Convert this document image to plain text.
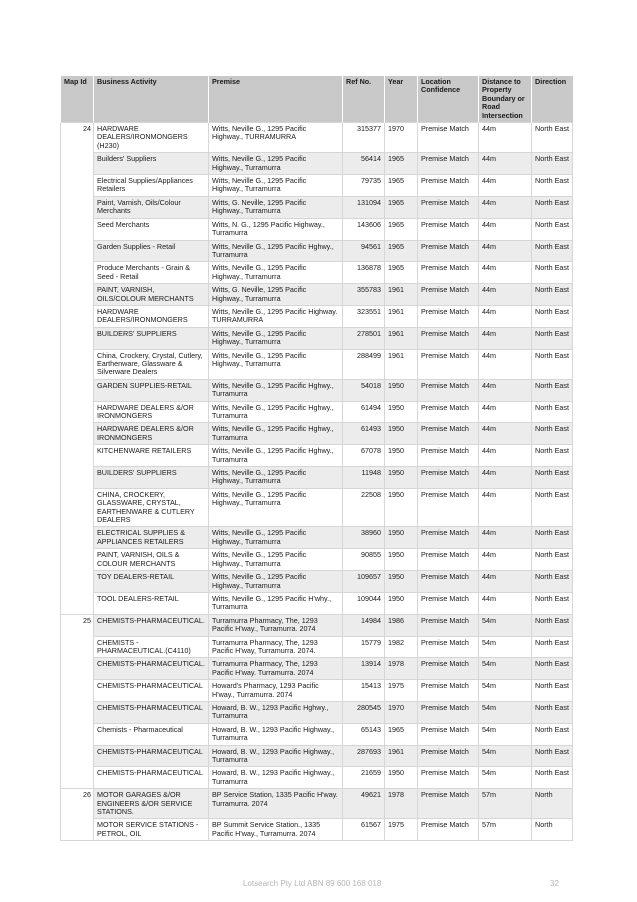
Map Id	Business Activity	Premise	Ref No.	Year	Location Confidence	Distance to Property Boundary or Road Intersection	Direction
24	HARDWARE DEALERS/IRONMONGERS (H230)	Witts, Neville G., 1295 Pacific Highway., TURRAMURRA	315377	1970	Premise Match	44m	North East
	Builders' Suppliers	Witts, Neville G., 1295 Pacific Highway., Turramurra	56414	1965	Premise Match	44m	North East
	Electrical Supplies/Appliances Retailers	Witts, Neville G., 1295 Pacific Highway., Turramurra	79735	1965	Premise Match	44m	North East
	Paint, Varnish, Oils/Colour Merchants	Witts, G. Neville, 1295 Pacific Highway., Turramurra	131094	1965	Premise Match	44m	North East
	Seed Merchants	Witts, N. G., 1295 Pacific Highway., Turramurra	143606	1965	Premise Match	44m	North East
	Garden Supplies - Retail	Witts, Neville G., 1295 Pacific Hghwy., Turramurra	94561	1965	Premise Match	44m	North East
	Produce Merchants - Grain & Seed - Retail	Witts, Neville G., 1295 Pacific Highway., Turramurra	136878	1965	Premise Match	44m	North East
	PAINT, VARNISH, OILS/COLOUR MERCHANTS	Witts, G. Neville, 1295 Pacific Highway., Turramurra	355783	1961	Premise Match	44m	North East
	HARDWARE DEALERS/IRONMONGERS	Witts, Neville G., 1295 Pacific Highway. TURRAMURRA	323551	1961	Premise Match	44m	North East
	BUILDERS' SUPPLIERS	Witts, Neville G., 1295 Pacific Highway., Turramurra	278501	1961	Premise Match	44m	North East
	China, Crockery, Crystal, Cutlery, Earthenware, Glassware & Silverware Dealers	Witts, Neville G., 1295 Pacific Highway., Turramurra	288499	1961	Premise Match	44m	North East
	GARDEN SUPPLIES-RETAIL	Witts, Neville G., 1295 Pacific Hghwy., Turramurra	54018	1950	Premise Match	44m	North East
	HARDWARE DEALERS &/OR IRONMONGERS	Witts, Neville G., 1295 Pacific Hghwy., Turramurra	61494	1950	Premise Match	44m	North East
	HARDWARE DEALERS &/OR IRONMONGERS	Witts, Neville G., 1295 Pacific Hghwy., Turramurra	61493	1950	Premise Match	44m	North East
	KITCHENWARE RETAILERS	Witts, Neville G., 1295 Pacific Hghwy., Turramurra	67078	1950	Premise Match	44m	North East
	BUILDERS' SUPPLIERS	Witts, Neville G., 1295 Pacific Highway., Turramurra	11948	1950	Premise Match	44m	North East
	CHINA, CROCKERY, GLASSWARE, CRYSTAL, EARTHENWARE & CUTLERY DEALERS	Witts, Neville G., 1295 Pacific Highway., Turramurra	22508	1950	Premise Match	44m	North East
	ELECTRICAL SUPPLIES & APPLIANCES RETAILERS	Witts, Neville G., 1295 Pacific Highway., Turramurra	38960	1950	Premise Match	44m	North East
	PAINT, VARNISH, OILS & COLOUR MERCHANTS	Witts, Neville G., 1295 Pacific Highway., Turramurra	90855	1950	Premise Match	44m	North East
	TOY DEALERS-RETAIL	Witts, Neville G., 1295 Pacific Highway., Turramurra	109657	1950	Premise Match	44m	North East
	TOOL DEALERS-RETAIL	Witts, Neville G., 1295 Pacific H'why., Turramurra	109044	1950	Premise Match	44m	North East
25	CHEMISTS-PHARMACEUTICAL.	Turramurra Pharmacy, The, 1293 Pacific H'way., Turramurra. 2074	14984	1986	Premise Match	54m	North East
	CHEMISTS - PHARMACEUTICAL.(C4110)	Turramurra Pharmacy, The, 1293 Pacific H'way, Turramurra. 2074.	15779	1982	Premise Match	54m	North East
	CHEMISTS-PHARMACEUTICAL.	Turramurra Pharmacy, The, 1293 Pacific H'way. Turramurra. 2074	13914	1978	Premise Match	54m	North East
	CHEMISTS-PHARMACEUTICAL	Howard's Pharmacy, 1293 Pacific H'way., Turramurra. 2074	15413	1975	Premise Match	54m	North East
	CHEMISTS-PHARMACEUTICAL	Howard, B. W., 1293 Pacific Hghwy., Turramurra	280545	1970	Premise Match	54m	North East
	Chemists - Pharmaceutical	Howard, B. W., 1293 Pacific Highway., Turramurra	65143	1965	Premise Match	54m	North East
	CHEMISTS-PHARMACEUTICAL	Howard, B. W., 1293 Pacific Highway., Turramurra	287693	1961	Premise Match	54m	North East
	CHEMISTS-PHARMACEUTICAL	Howard, B. W., 1293 Pacific Highway., Turramurra	21659	1950	Premise Match	54m	North East
26	MOTOR GARAGES &/OR ENGINEERS &/OR SERVICE STATIONS.	BP Service Station, 1335 Pacific H'way. Turramurra. 2074	49621	1978	Premise Match	57m	North
	MOTOR SERVICE STATIONS - PETROL, OIL	BP Summit Service Station., 1335 Pacific H'way., Turramurra. 2074	61567	1975	Premise Match	57m	North
Lotsearch Pty Ltd ABN 89 600 168 018	32
